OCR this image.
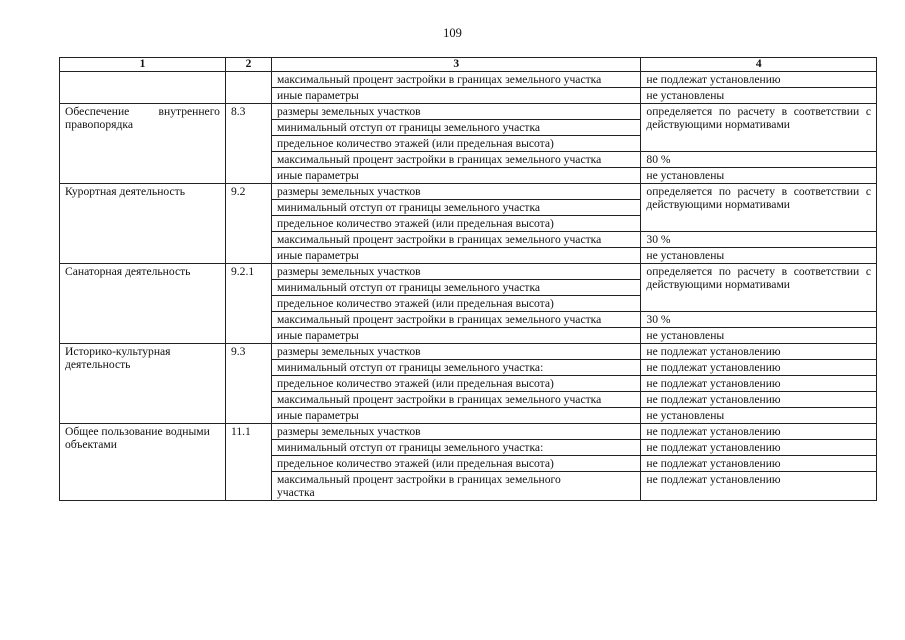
109
1	2	3	4
		максимальный процент застройки в границах земельного участка	не подлежат установлению
		иные параметры	не установлены
Обеспечение внутреннего правопорядка	8.3	размеры земельных участков	определяется по расчету в соответствии с действующими нормативами
		минимальный отступ от границы земельного участка	
		предельное количество этажей (или предельная высота)	
		максимальный процент застройки в границах земельного участка	80 %
		иные параметры	не установлены
Курортная деятельность	9.2	размеры земельных участков	определяется по расчету в соответствии с действующими нормативами
		минимальный отступ от границы земельного участка	
		предельное количество этажей (или предельная высота)	
		максимальный процент застройки в границах земельного участка	30 %
		иные параметры	не установлены
Санаторная деятельность	9.2.1	размеры земельных участков	определяется по расчету в соответствии с действующими нормативами
		минимальный отступ от границы земельного участка	
		предельное количество этажей (или предельная высота)	
		максимальный процент застройки в границах земельного участка	30 %
		иные параметры	не установлены
Историко-культурная деятельность	9.3	размеры земельных участков	не подлежат установлению
		минимальный отступ от границы земельного участка:	не подлежат установлению
		предельное количество этажей (или предельная высота)	не подлежат установлению
		максимальный процент застройки в границах земельного участка	не подлежат установлению
		иные параметры	не установлены
Общее пользование водными объектами	11.1	размеры земельных участков	не подлежат установлению
		минимальный отступ от границы земельного участка:	не подлежат установлению
		предельное количество этажей (или предельная высота)	не подлежат установлению
		максимальный процент застройки в границах земельного участка	не подлежат установлению
